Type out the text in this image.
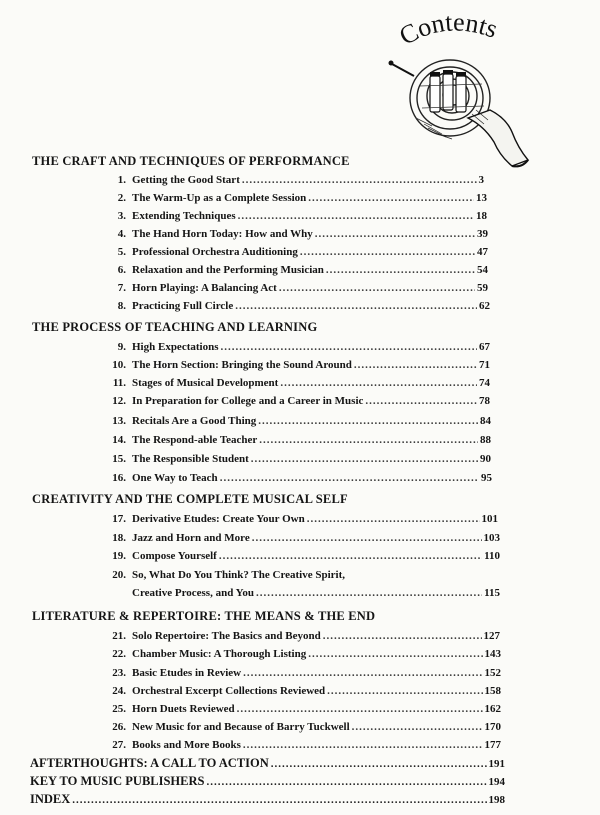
Contents
THE CRAFT AND TECHNIQUES OF PERFORMANCE
1. Getting the Good Start .....	3
2. The Warm-Up as a Complete Session .....	13
3. Extending Techniques .....	18
4. The Hand Horn Today: How and Why .....	39
5. Professional Orchestra Auditioning .....	47
6. Relaxation and the Performing Musician .....	54
7. Horn Playing: A Balancing Act .....	59
8. Practicing Full Circle .....	62
THE PROCESS OF TEACHING AND LEARNING
9. High Expectations .....	67
10. The Horn Section: Bringing the Sound Around .....	71
11. Stages of Musical Development .....	74
12. In Preparation for College and a Career in Music .....	78
13. Recitals Are a Good Thing .....	84
14. The Respond-able Teacher .....	88
15. The Responsible Student .....	90
16. One Way to Teach .....	95
CREATIVITY AND THE COMPLETE MUSICAL SELF
17. Derivative Etudes: Create Your Own .....	101
18. Jazz and Horn and More .....	103
19. Compose Yourself .....	110
20. So, What Do You Think? The Creative Spirit,
Creative Process, and You .....	115
LITERATURE & REPERTOIRE: THE MEANS & THE END
21. Solo Repertoire: The Basics and Beyond .....	127
22. Chamber Music: A Thorough Listing .....	143
23. Basic Etudes in Review .....	152
24. Orchestral Excerpt Collections Reviewed .....	158
25. Horn Duets Reviewed .....	162
26. New Music for and Because of Barry Tuckwell .....	170
27. Books and More Books .....	177
AFTERTHOUGHTS: A CALL TO ACTION .....	191
KEY TO MUSIC PUBLISHERS .....	194
INDEX .....	198
